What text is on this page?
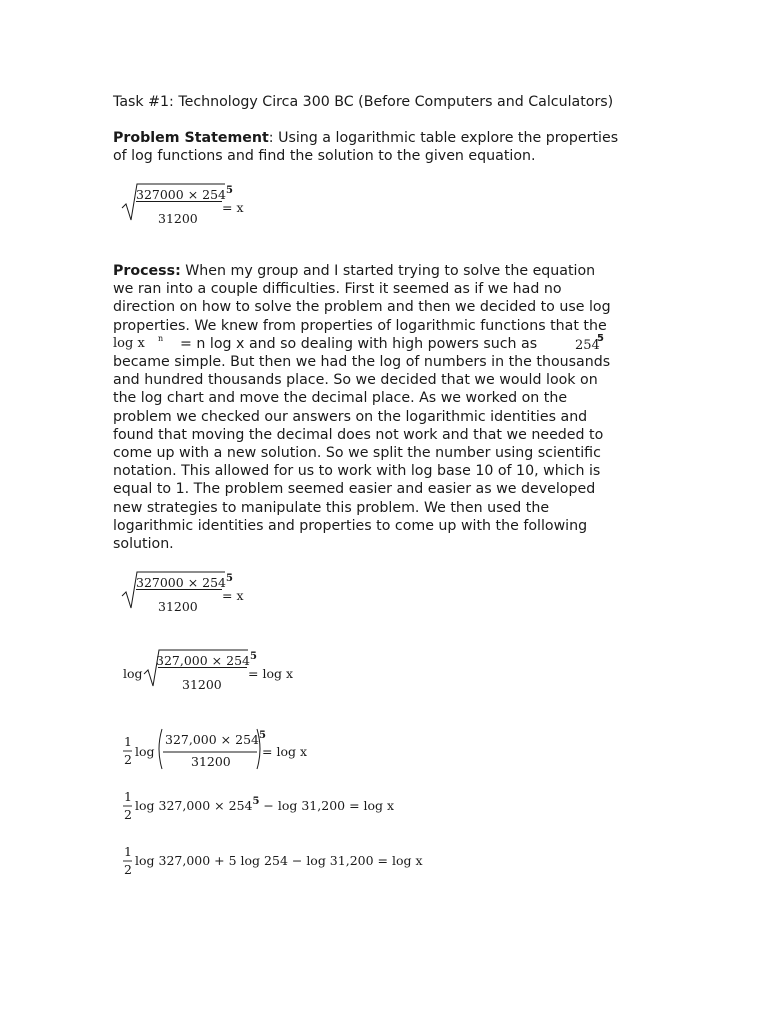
Task #1: Technology Circa 300 BC (Before Computers and Calculators)
Problem Statement: Using a logarithmic table explore the properties
of log functions and find the solution to the given equation.
$327000 \times 254^5$
31200
= x

Process: When my group and I started trying to solve the equation

we ran into a couple difficulties. First it seemed as if we had no

direction on how to solve the problem and then we decided to use log

properties. We knew from properties of logarithmic functions that the

log x n = n log x and so dealing with high powers such as	254
5

became simple. But then we had the log of numbers in the thousands

and hundred thousands place. So we decided that we would look on

the log chart and move the decimal place. As we worked on the

problem we checked our answers on the logarithmic identities and

found that moving the decimal does not work and that we needed to

come up with a new solution. So we split the number using scientific

notation. This allowed for us to work with log base 10 of 10, which is

equal to 1. The problem seemed easier and easier as we developed

new strategies to manipulate this problem. We then used the

logarithmic identities and properties to come up with the following

solution.

$327000 \times 254^5$
31200
= x
log
$327,000 \times 254^5$
31200
= log x
1
2
log
$327,000 \times 254^5$
31200
= log x
1
2
$\log 327,000 \times 254^5 - \log 31,200 = \log x$
1
2
log 327,000 + 5 log 254 − log 31,200 = log x
